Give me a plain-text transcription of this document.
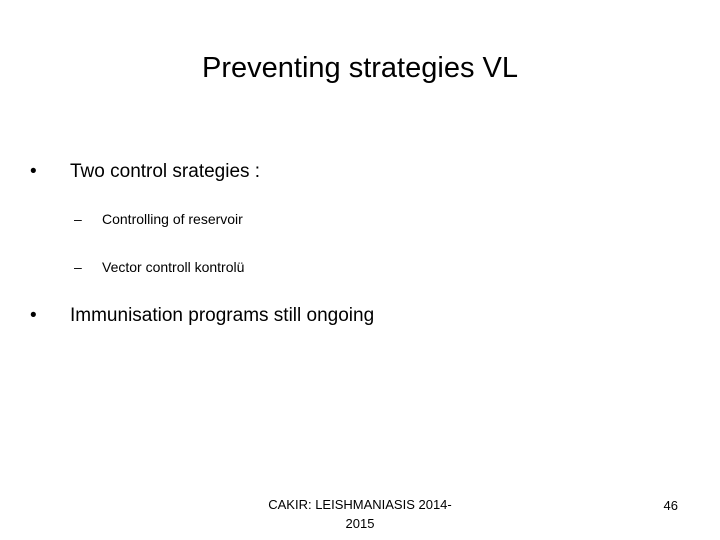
Preventing strategies VL
• Two control srategies :
– Controlling of reservoir
– Vector controll kontrolü
• Immunisation programs still ongoing
CAKIR: LEISHMANIASIS 2014-
2015
46
